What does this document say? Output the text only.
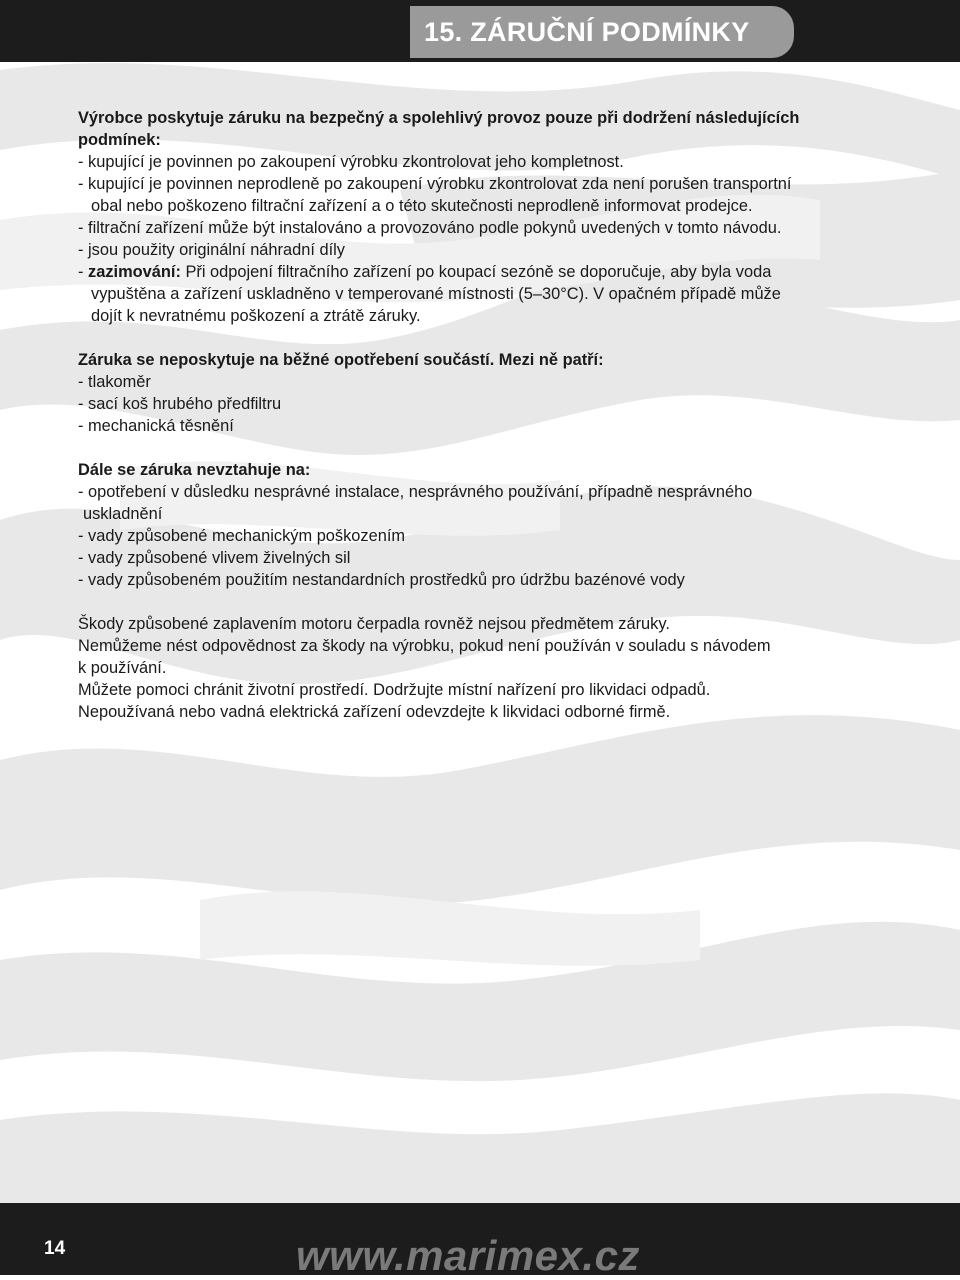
15. ZÁRUČNÍ PODMÍNKY

Výrobce poskytuje záruku na bezpečný a spolehlivý provoz pouze při dodržení následujících podmínek:

- kupující je povinnen po zakoupení výrobku zkontrolovat jeho kompletnost.

- kupující je povinnen neprodleně po zakoupení výrobku zkontrolovat zda není porušen transportní

obal nebo poškozeno filtrační zařízení a o této skutečnosti neprodleně informovat prodejce.

- filtrační zařízení může být instalováno a provozováno podle pokynů uvedených v tomto návodu.

- jsou použity originální náhradní díly

- zazimování: Při odpojení filtračního zařízení po koupací sezóně se doporučuje, aby byla voda

vypuštěna a zařízení uskladněno v temperované místnosti (5–30°C). V opačném případě může

dojít k nevratnému poškození a ztrátě záruky.

Záruka se neposkytuje na běžné opotřebení součástí. Mezi ně patří:

- tlakoměr

- sací koš hrubého předfiltru

- mechanická těsnění

Dále se záruka nevztahuje na:

- opotřebení v důsledku nesprávné instalace, nesprávného používání, případně nesprávného

uskladnění

- vady způsobené mechanickým poškozením

- vady způsobené vlivem živelných sil

- vady způsobeném použitím nestandardních prostředků pro údržbu bazénové vody

Škody způsobené zaplavením motoru čerpadla rovněž nejsou předmětem záruky.

Nemůžeme nést odpovědnost za škody na výrobku, pokud není používán v souladu s návodem

k používání.

Můžete pomoci chránit životní prostředí. Dodržujte místní nařízení pro likvidaci odpadů.

Nepoužívaná nebo vadná elektrická zařízení odevzdejte k likvidaci odborné firmě.

14	www.marimex.cz
